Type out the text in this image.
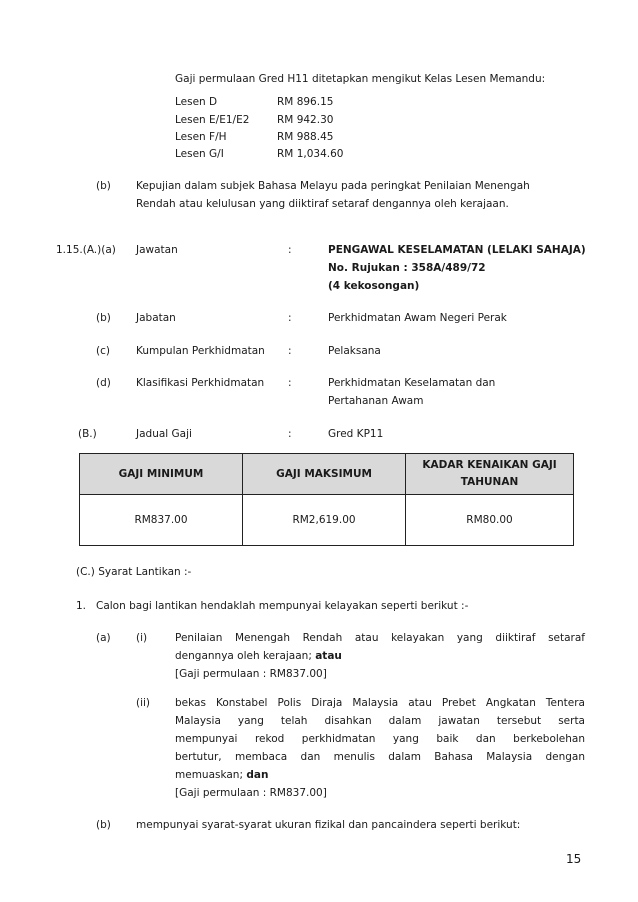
Gaji permulaan Gred H11 ditetapkan mengikut Kelas Lesen Memandu:
Lesen D	RM 896.15
Lesen E/E1/E2	RM 942.30
Lesen F/H	RM 988.45
Lesen G/I	RM 1,034.60
(b) Kepujian dalam subjek Bahasa Melayu pada peringkat Penilaian Menengah
Rendah atau kelulusan yang diiktiraf setaraf dengannya oleh kerajaan.
1.15.(A.)(a) Jawatan	:	PENGAWAL KESELAMATAN (LELAKI SAHAJA)
No. Rujukan : 358A/489/72
(4 kekosongan)
(b) Jabatan	:	Perkhidmatan Awam Negeri Perak
(c) Kumpulan Perkhidmatan :	Pelaksana
(d) Klasifikasi Perkhidmatan :	Perkhidmatan Keselamatan dan
Pertahanan Awam
(B.)	Jadual Gaji	:	Gred KP11
GAJI MINIMUM	GAJI MAKSIMUM	KADAR KENAIKAN GAJI
TAHUNAN
RM837.00	RM2,619.00	RM80.00
(C.) Syarat Lantikan :-
1. Calon bagi lantikan hendaklah mempunyai kelayakan seperti berikut :-
(a) (i)	Penilaian Menengah Rendah atau kelayakan yang diiktiraf setaraf
dengannya oleh kerajaan; atau
[Gaji permulaan : RM837.00]
(ii) bekas Konstabel Polis Diraja Malaysia atau Prebet Angkatan Tentera
Malaysia yang telah disahkan dalam jawatan tersebut serta
mempunyai rekod perkhidmatan yang baik dan berkebolehan
bertutur, membaca dan menulis dalam Bahasa Malaysia dengan
memuaskan; dan
[Gaji permulaan : RM837.00]
(b) mempunyai syarat-syarat ukuran fizikal dan pancaindera seperti berikut:
15
